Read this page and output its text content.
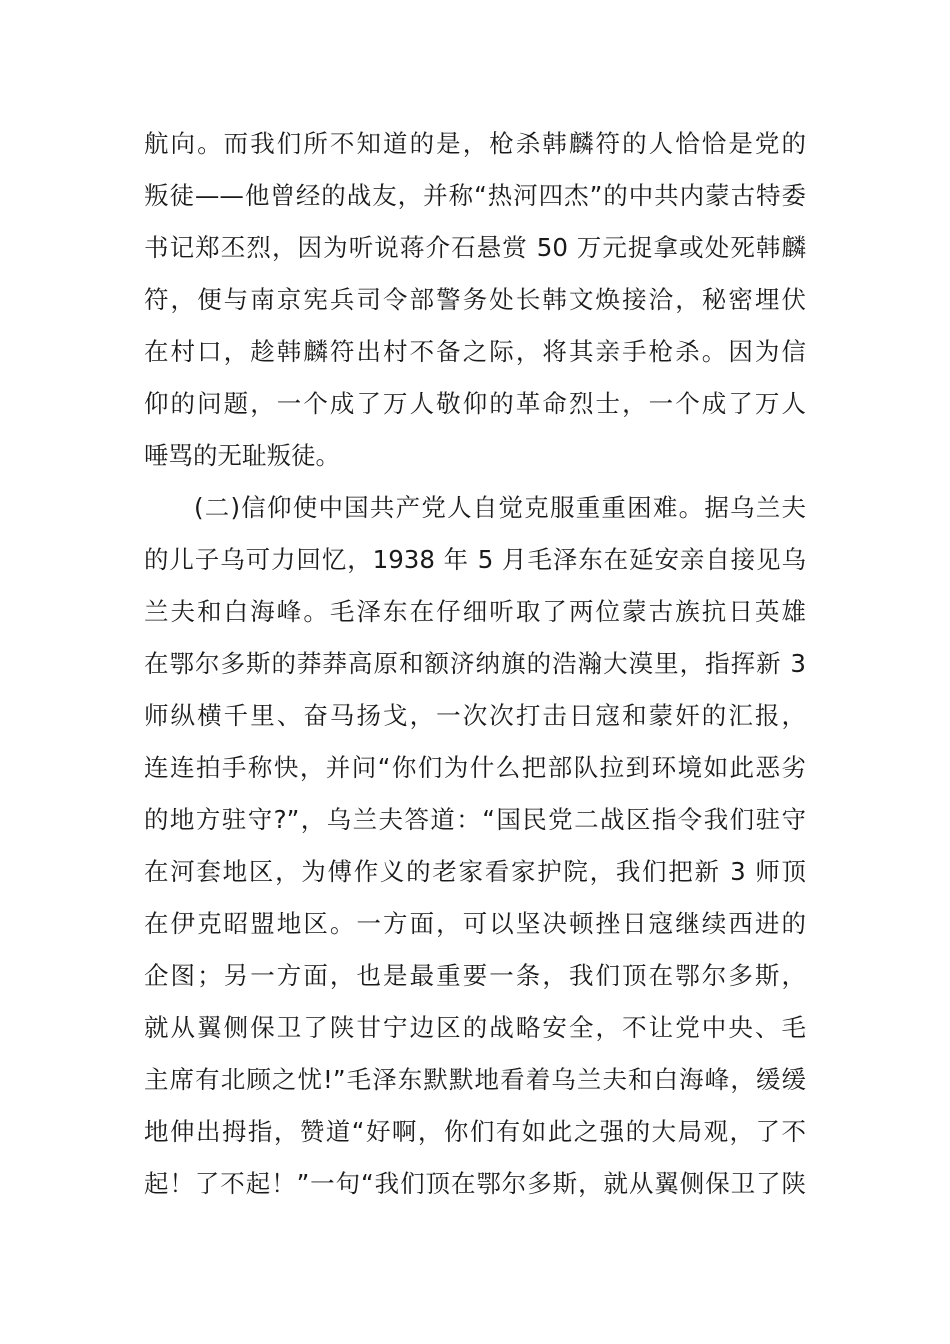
航向。而我们所不知道的是，枪杀韩麟符的人恰恰是党的
叛徒——他曾经的战友，并称“热河四杰”的中共内蒙古特委
书记郑丕烈，因为听说蒋介石悬赏 50 万元捉拿或处死韩麟
符，便与南京宪兵司令部警务处长韩文焕接洽，秘密埋伏
在村口，趁韩麟符出村不备之际，将其亲手枪杀。因为信
仰的问题，一个成了万人敬仰的革命烈士，一个成了万人
唾骂的无耻叛徒。
(二)信仰使中国共产党人自觉克服重重困难。据乌兰夫
的儿子乌可力回忆，1938 年 5 月毛泽东在延安亲自接见乌
兰夫和白海峰。毛泽东在仔细听取了两位蒙古族抗日英雄
在鄂尔多斯的莽莽高原和额济纳旗的浩瀚大漠里，指挥新 3
师纵横千里、奋马扬戈，一次次打击日寇和蒙奸的汇报，
连连拍手称快，并问“你们为什么把部队拉到环境如此恶劣
的地方驻守?”，乌兰夫答道：“国民党二战区指令我们驻守
在河套地区，为傅作义的老家看家护院，我们把新 3 师顶
在伊克昭盟地区。一方面，可以坚决顿挫日寇继续西进的
企图；另一方面，也是最重要一条，我们顶在鄂尔多斯，
就从翼侧保卫了陕甘宁边区的战略安全，不让党中央、毛
主席有北顾之忧!”毛泽东默默地看着乌兰夫和白海峰，缓缓
地伸出拇指，赞道“好啊，你们有如此之强的大局观，了不
起！了不起！”一句“我们顶在鄂尔多斯，就从翼侧保卫了陕
